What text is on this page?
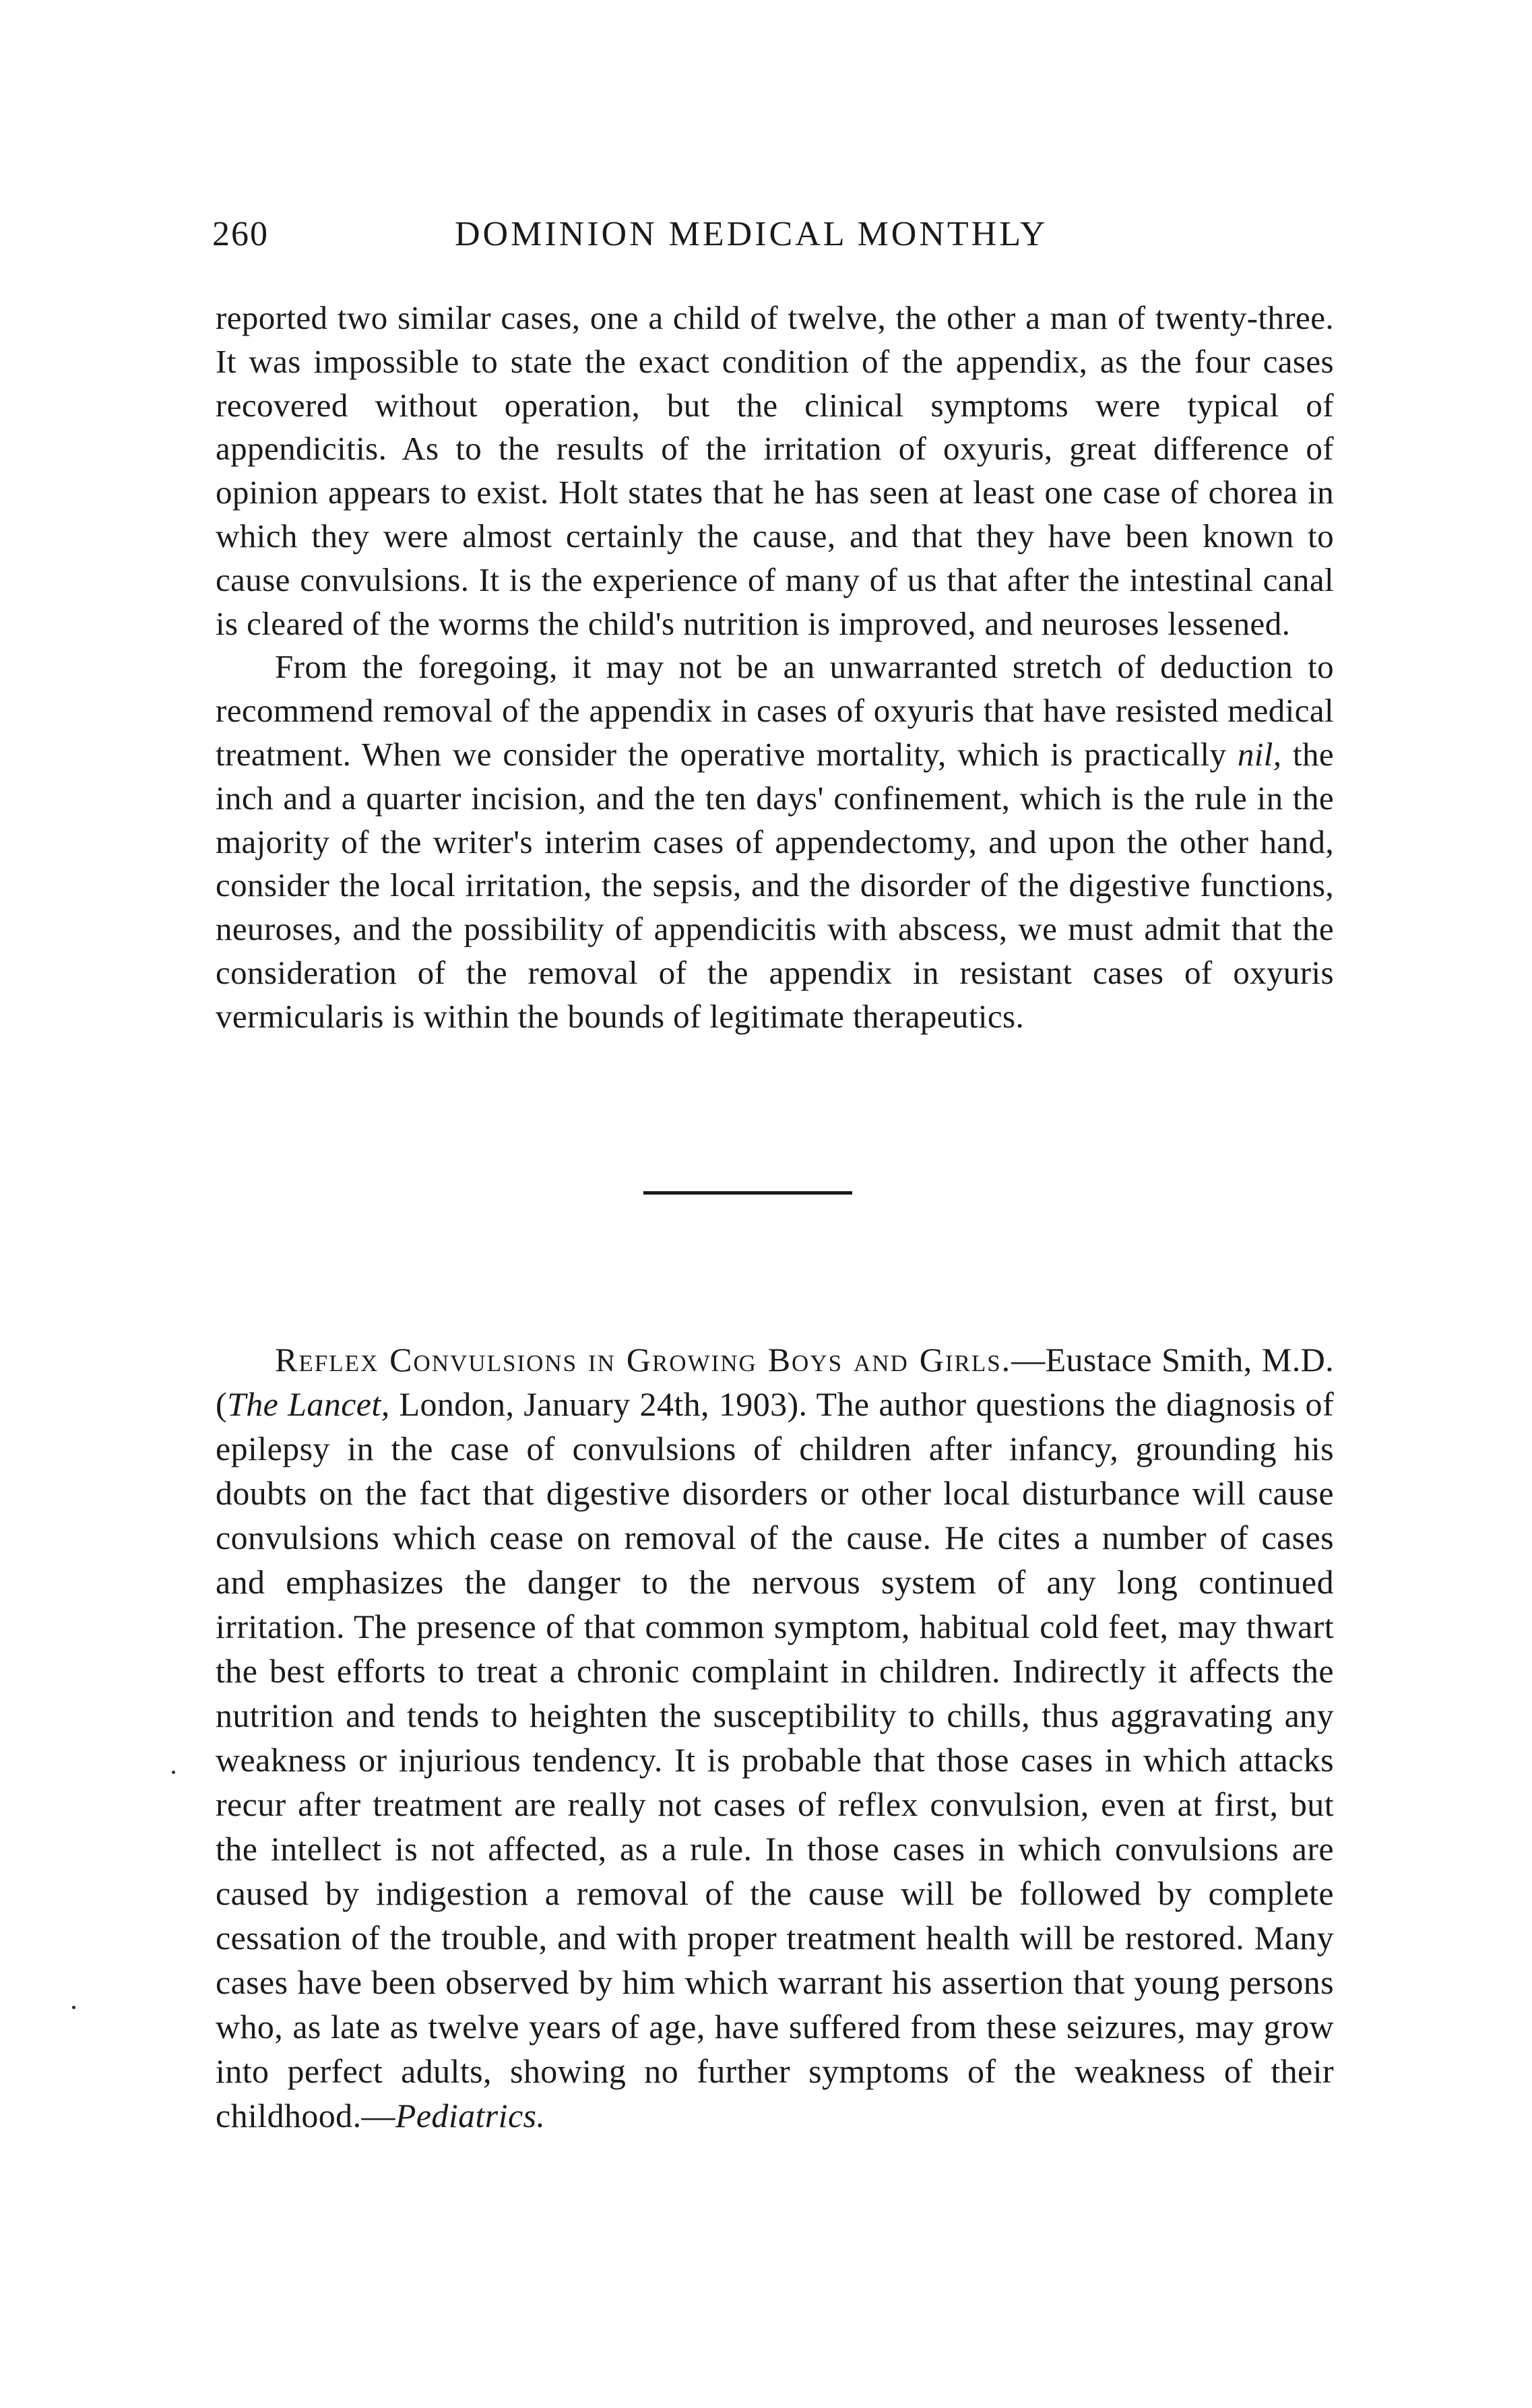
260	DOMINION MEDICAL MONTHLY

reported two similar cases, one a child of twelve, the other a man of twenty-three. It was impossible to state the exact condition of the appendix, as the four cases recovered without operation, but the clinical symptoms were typical of appendicitis. As to the results of the irritation of oxyuris, great difference of opinion appears to exist. Holt states that he has seen at least one case of chorea in which they were almost certainly the cause, and that they have been known to cause convulsions. It is the experience of many of us that after the intestinal canal is cleared of the worms the child's nutrition is improved, and neuroses lessened.

From the foregoing, it may not be an unwarranted stretch of deduction to recommend removal of the appendix in cases of oxyuris that have resisted medical treatment. When we consider the operative mortality, which is practically nil, the inch and a quarter incision, and the ten days' confinement, which is the rule in the majority of the writer's interim cases of appendectomy, and upon the other hand, consider the local irritation, the sepsis, and the disorder of the digestive functions, neuroses, and the possibility of appendicitis with abscess, we must admit that the consideration of the removal of the appendix in resistant cases of oxyuris vermicularis is within the bounds of legitimate therapeutics.

Reflex Convulsions in Growing Boys and Girls.—Eustace Smith, M.D. (The Lancet, London, January 24th, 1903). The author questions the diagnosis of epilepsy in the case of convulsions of children after infancy, grounding his doubts on the fact that digestive disorders or other local disturbance will cause convulsions which cease on removal of the cause. He cites a number of cases and emphasizes the danger to the nervous system of any long continued irritation. The presence of that common symptom, habitual cold feet, may thwart the best efforts to treat a chronic complaint in children. Indirectly it affects the nutrition and tends to heighten the susceptibility to chills, thus aggravating any weakness or injurious tendency. It is probable that those cases in which attacks recur after treatment are really not cases of reflex convulsion, even at first, but the intellect is not affected, as a rule. In those cases in which convulsions are caused by indigestion a removal of the cause will be followed by complete cessation of the trouble, and with proper treatment health will be restored. Many cases have been observed by him which warrant his assertion that young persons who, as late as twelve years of age, have suffered from these seizures, may grow into perfect adults, showing no further symptoms of the weakness of their childhood.—Pediatrics.
